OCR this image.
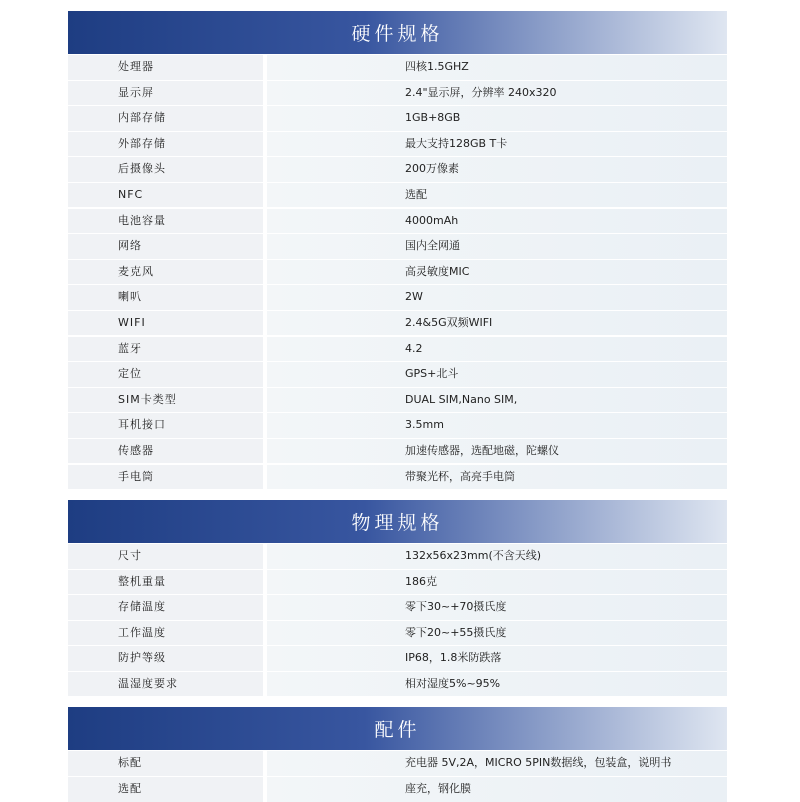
硬件规格
处理器	四核1.5GHZ
显示屏	2.4"显示屏，分辨率 240x320
内部存储	1GB+8GB
外部存储	最大支持128GB T卡
后摄像头	200万像素
NFC	选配
电池容量	4000mAh
网络	国内全网通
麦克风	高灵敏度MIC
喇叭	2W
WIFI	2.4&5G双频WIFI
蓝牙	4.2
定位	GPS+北斗
SIM卡类型	DUAL SIM,Nano SIM,
耳机接口	3.5mm
传感器	加速传感器，选配地磁，陀螺仪
手电筒	带聚光杯，高亮手电筒
物理规格
尺寸	132x56x23mm(不含天线)
整机重量	186克
存储温度	零下30~+70摄氏度
工作温度	零下20~+55摄氏度
防护等级	IP68，1.8米防跌落
温湿度要求	相对湿度5%~95%
配件
标配	充电器 5V,2A，MICRO 5PIN数据线，包装盒，说明书
选配	座充，钢化膜
